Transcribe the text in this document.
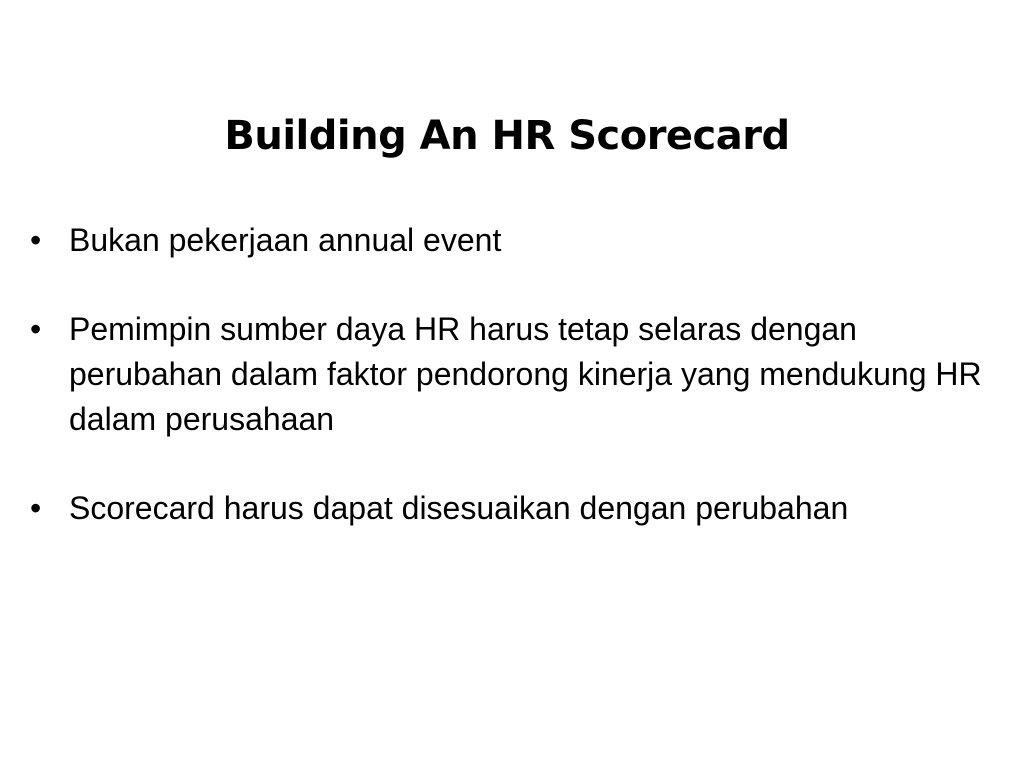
Building An HR Scorecard
• Bukan pekerjaan annual event
• Pemimpin sumber daya HR harus tetap selaras dengan perubahan dalam faktor pendorong kinerja yang mendukung HR dalam perusahaan
• Scorecard harus dapat disesuaikan dengan perubahan
